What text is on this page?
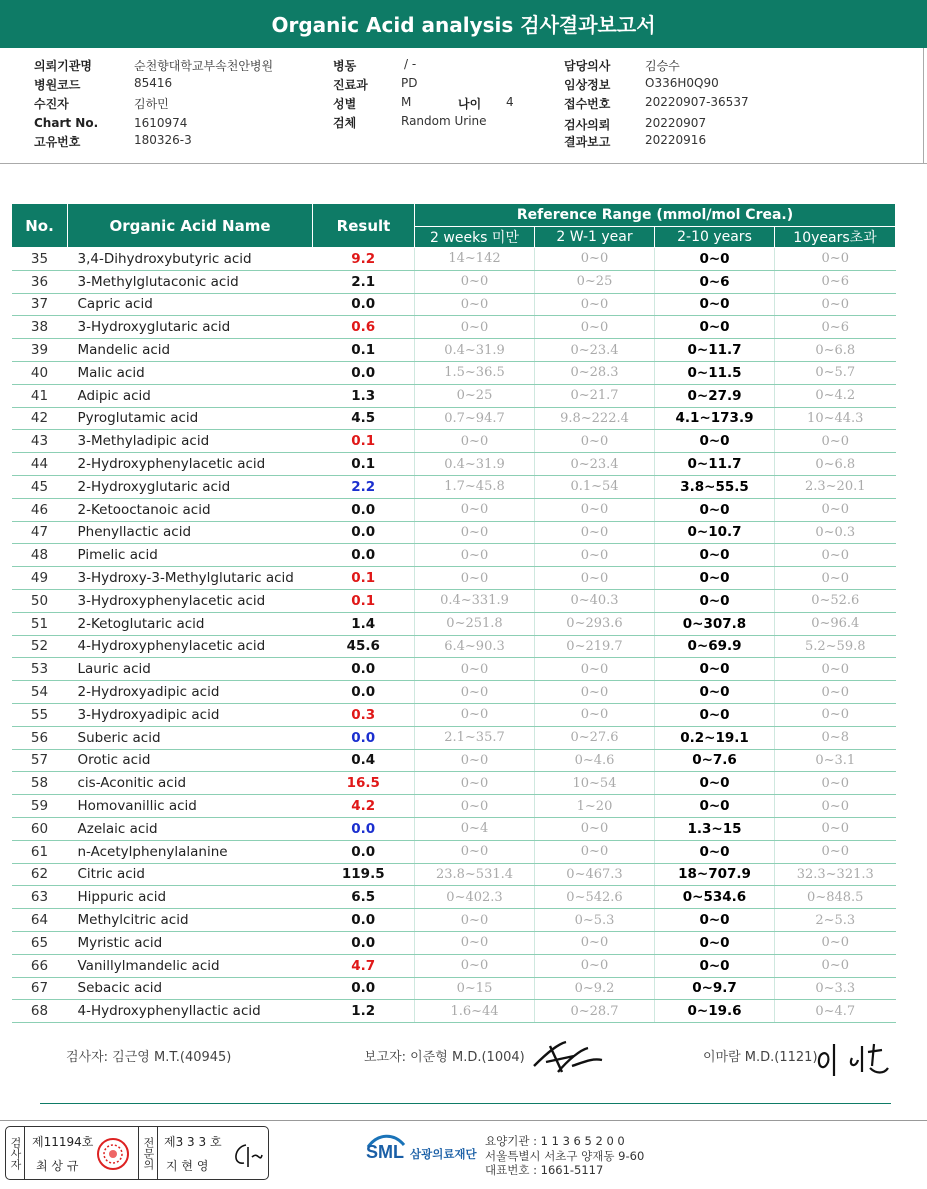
Organic Acid analysis 검사결과보고서
의뢰기관명	순천향대학교부속천안병원
병원코드	85416
수진자	김하민
Chart No.	1610974
고유번호	180326-3
병동	/ -
진료과	PD
성별	M	나이 4
검체	Random Urine
담당의사	김승수
임상정보	O336H0Q90
접수번호	20220907-36537
검사의뢰	20220907
결과보고	20220916
No.	Organic Acid Name	Result	Reference Range (mmol/mol Crea.)			
			2 weeks 미만	2 W-1 year	2-10 years	10years초과
35	3,4-Dihydroxybutyric acid	9.2	14~142	0~0	0~0	0~0
36	3-Methylglutaconic acid	2.1	0~0	0~25	0~6	0~6
37	Capric acid	0.0	0~0	0~0	0~0	0~0
38	3-Hydroxyglutaric acid	0.6	0~0	0~0	0~0	0~6
39	Mandelic acid	0.1	0.4~31.9	0~23.4	0~11.7	0~6.8
40	Malic acid	0.0	1.5~36.5	0~28.3	0~11.5	0~5.7
41	Adipic acid	1.3	0~25	0~21.7	0~27.9	0~4.2
42	Pyroglutamic acid	4.5	0.7~94.7	9.8~222.4	4.1~173.9	10~44.3
43	3-Methyladipic acid	0.1	0~0	0~0	0~0	0~0
44	2-Hydroxyphenylacetic acid	0.1	0.4~31.9	0~23.4	0~11.7	0~6.8
45	2-Hydroxyglutaric acid	2.2	1.7~45.8	0.1~54	3.8~55.5	2.3~20.1
46	2-Ketooctanoic acid	0.0	0~0	0~0	0~0	0~0
47	Phenyllactic acid	0.0	0~0	0~0	0~10.7	0~0.3
48	Pimelic acid	0.0	0~0	0~0	0~0	0~0
49	3-Hydroxy-3-Methylglutaric acid	0.1	0~0	0~0	0~0	0~0
50	3-Hydroxyphenylacetic acid	0.1	0.4~331.9	0~40.3	0~0	0~52.6
51	2-Ketoglutaric acid	1.4	0~251.8	0~293.6	0~307.8	0~96.4
52	4-Hydroxyphenylacetic acid	45.6	6.4~90.3	0~219.7	0~69.9	5.2~59.8
53	Lauric acid	0.0	0~0	0~0	0~0	0~0
54	2-Hydroxyadipic acid	0.0	0~0	0~0	0~0	0~0
55	3-Hydroxyadipic acid	0.3	0~0	0~0	0~0	0~0
56	Suberic acid	0.0	2.1~35.7	0~27.6	0.2~19.1	0~8
57	Orotic acid	0.4	0~0	0~4.6	0~7.6	0~3.1
58	cis-Aconitic acid	16.5	0~0	10~54	0~0	0~0
59	Homovanillic acid	4.2	0~0	1~20	0~0	0~0
60	Azelaic acid	0.0	0~4	0~0	1.3~15	0~0
61	n-Acetylphenylalanine	0.0	0~0	0~0	0~0	0~0
62	Citric acid	119.5	23.8~531.4	0~467.3	18~707.9	32.3~321.3
63	Hippuric acid	6.5	0~402.3	0~542.6	0~534.6	0~848.5
64	Methylcitric acid	0.0	0~0	0~5.3	0~0	2~5.3
65	Myristic acid	0.0	0~0	0~0	0~0	0~0
66	Vanillylmandelic acid	4.7	0~0	0~0	0~0	0~0
67	Sebacic acid	0.0	0~15	0~9.2	0~9.7	0~3.3
68	4-Hydroxyphenyllactic acid	1.2	1.6~44	0~28.7	0~19.6	0~4.7
검사자: 김근영 M.T.(40945)	보고자: 이준형 M.D.(1004)	이마람 M.D.(1121)
검사자 제11194호
최 상 규	전문의 제3 3 3 호
지 현 영
SML 삼광의료재단
요양기관 : 1 1 3 6 5 2 0 0
서울특별시 서초구 양재동 9-60
대표번호 : 1661-5117
